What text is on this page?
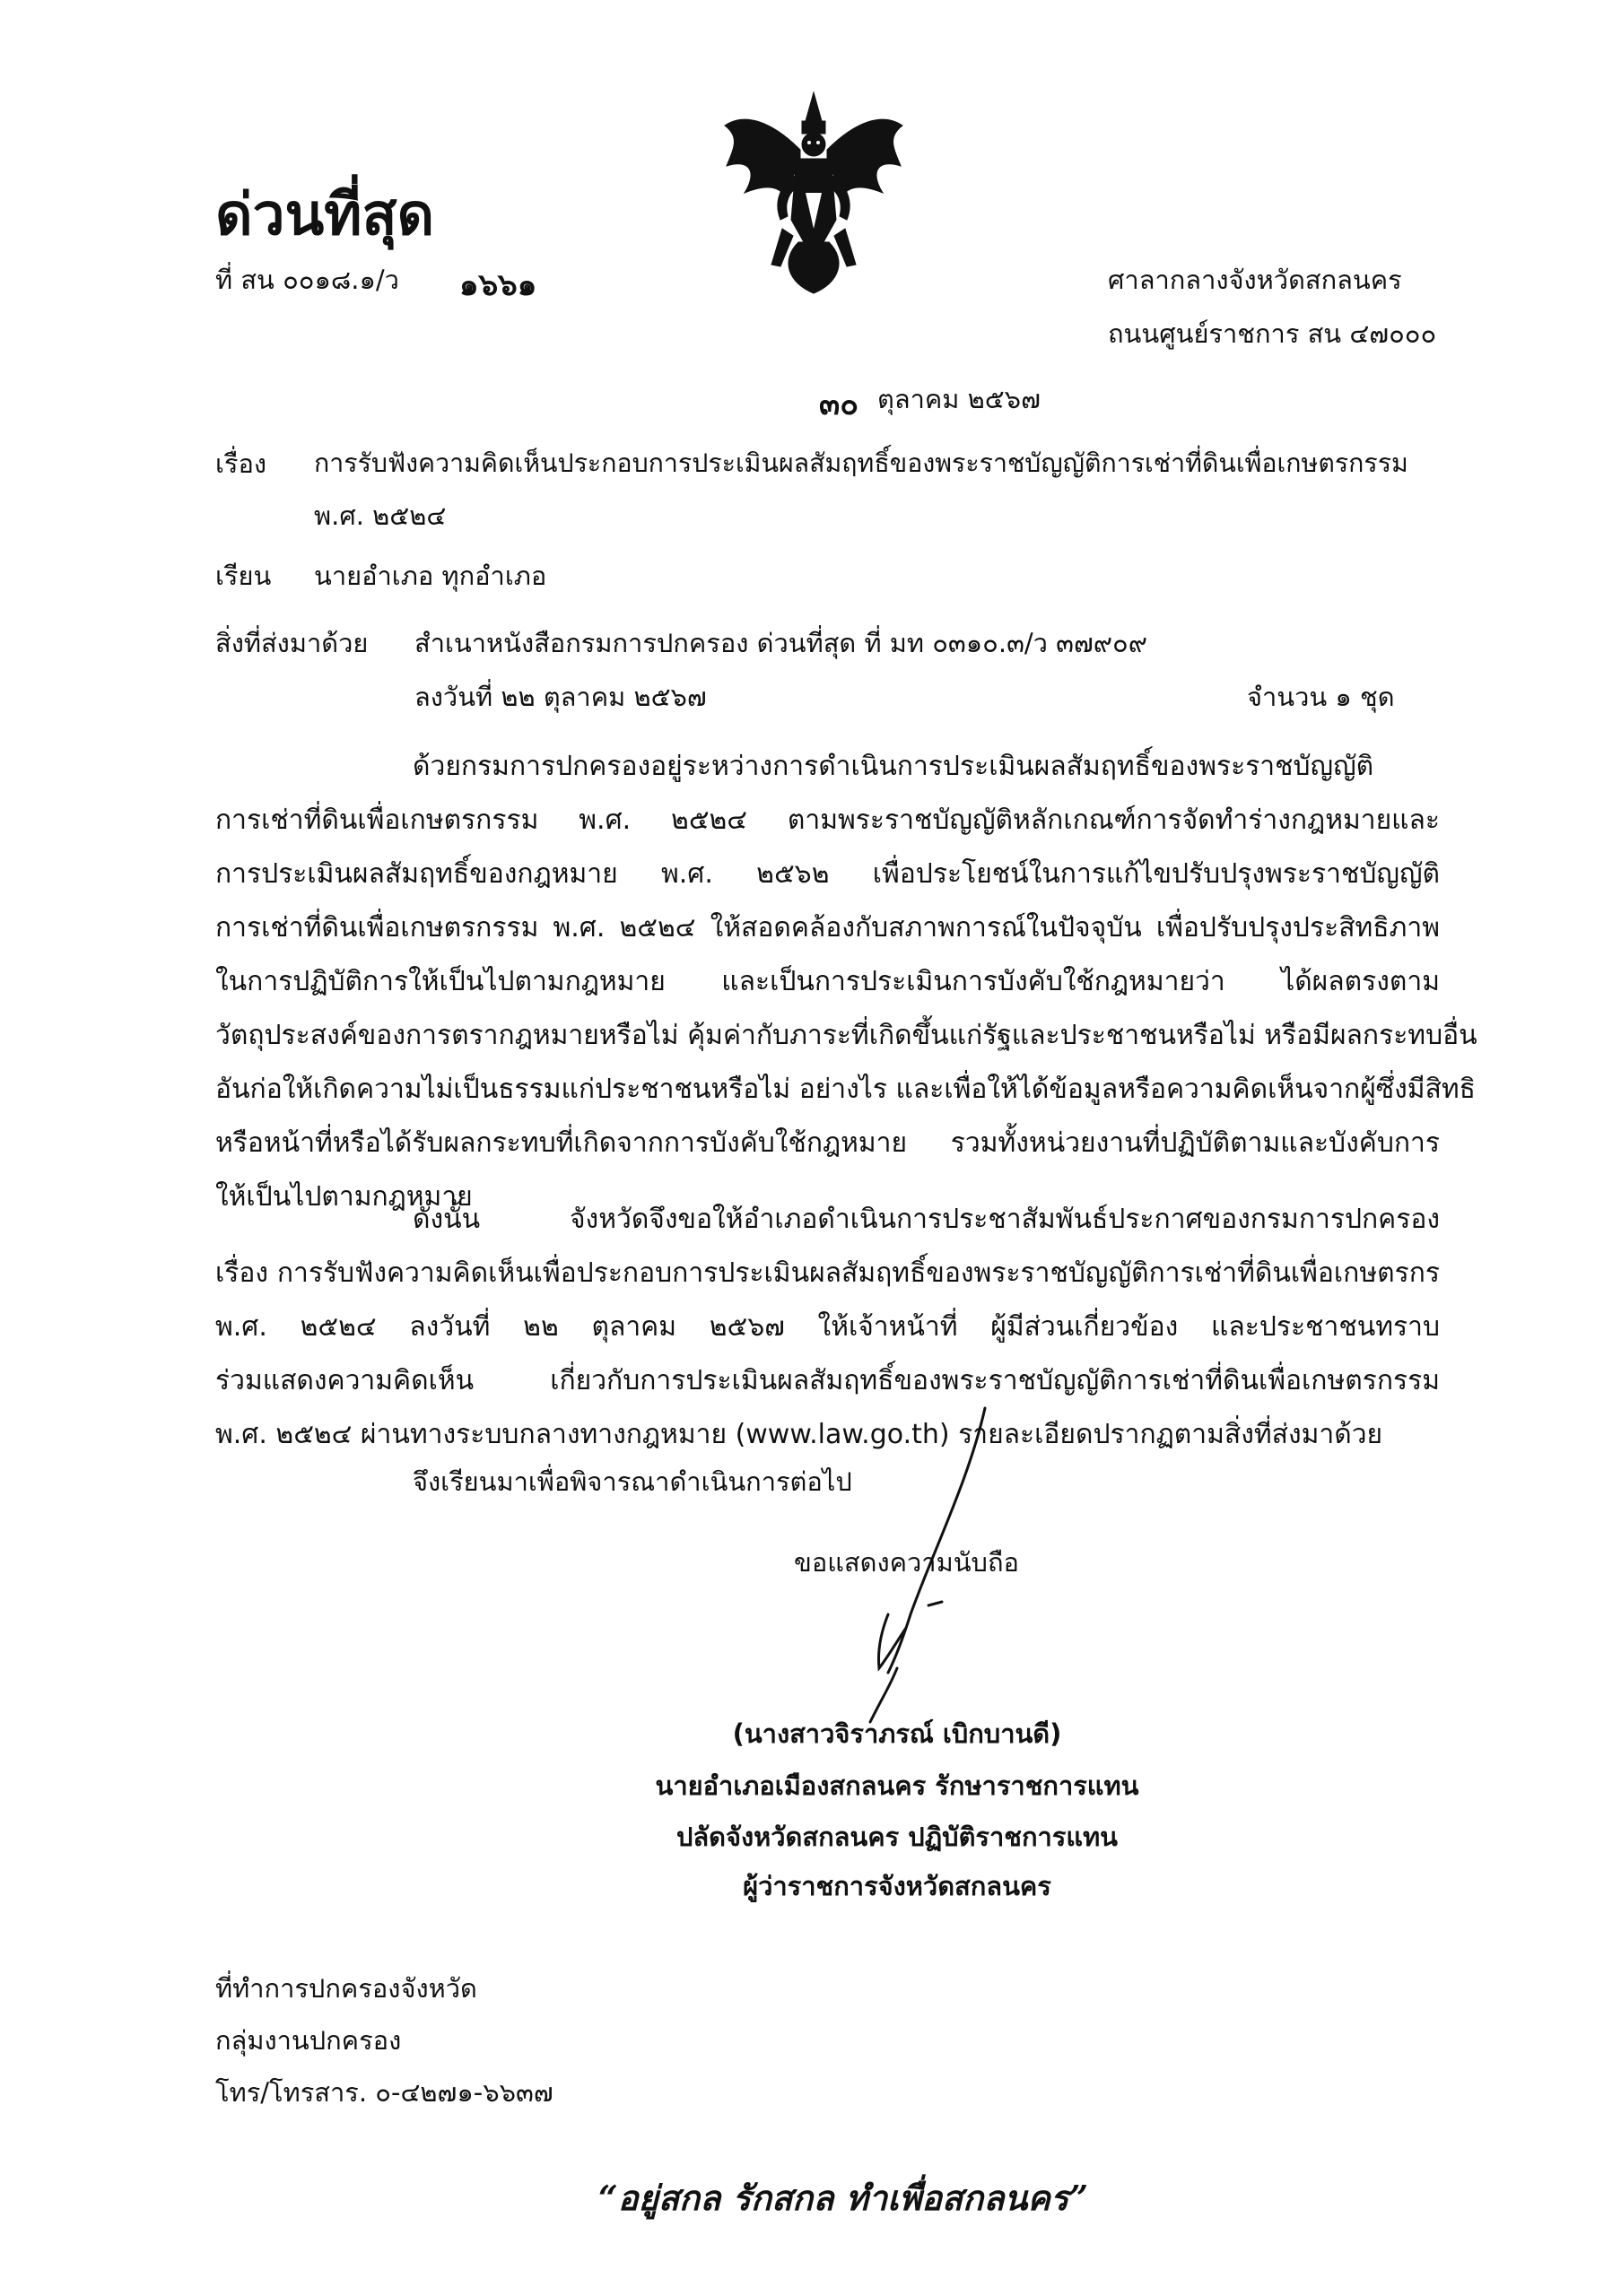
ด่วนที่สุด
ที่ สน ๐๐๑๘.๑/ว ๑๖๖๑	ศาลากลางจังหวัดสกลนคร
ถนนศูนย์ราชการ สน ๔๗๐๐๐
๓๐ ตุลาคม ๒๕๖๗
เรื่อง การรับฟังความคิดเห็นประกอบการประเมินผลสัมฤทธิ์ของพระราชบัญญัติการเช่าที่ดินเพื่อเกษตรกรรม
พ.ศ. ๒๕๒๔
เรียน นายอำเภอ ทุกอำเภอ
สิ่งที่ส่งมาด้วย สำเนาหนังสือกรมการปกครอง ด่วนที่สุด ที่ มท ๐๓๑๐.๓/ว ๓๗๙๐๙
ลงวันที่ ๒๒ ตุลาคม ๒๕๖๗	จำนวน ๑ ชุด
ด้วยกรมการปกครองอยู่ระหว่างการดำเนินการประเมินผลสัมฤทธิ์ของพระราชบัญญัติ
การเช่าที่ดินเพื่อเกษตรกรรม พ.ศ. ๒๕๒๔ ตามพระราชบัญญัติหลักเกณฑ์การจัดทำร่างกฎหมายและ
การประเมินผลสัมฤทธิ์ของกฎหมาย พ.ศ. ๒๕๖๒ เพื่อประโยชน์ในการแก้ไขปรับปรุงพระราชบัญญัติ
การเช่าที่ดินเพื่อเกษตรกรรม พ.ศ. ๒๕๒๔ ให้สอดคล้องกับสภาพการณ์ในปัจจุบัน เพื่อปรับปรุงประสิทธิภาพ
ในการปฏิบัติการให้เป็นไปตามกฎหมาย และเป็นการประเมินการบังคับใช้กฎหมายว่า ได้ผลตรงตาม
วัตถุประสงค์ของการตรากฎหมายหรือไม่ คุ้มค่ากับภาระที่เกิดขึ้นแก่รัฐและประชาชนหรือไม่ หรือมีผลกระทบอื่น
อันก่อให้เกิดความไม่เป็นธรรมแก่ประชาชนหรือไม่ อย่างไร และเพื่อให้ได้ข้อมูลหรือความคิดเห็นจากผู้ซึ่งมีสิทธิ
หรือหน้าที่หรือได้รับผลกระทบที่เกิดจากการบังคับใช้กฎหมาย รวมทั้งหน่วยงานที่ปฏิบัติตามและบังคับการ
ให้เป็นไปตามกฎหมาย
ดังนั้น จังหวัดจึงขอให้อำเภอดำเนินการประชาสัมพันธ์ประกาศของกรมการปกครอง
เรื่อง การรับฟังความคิดเห็นเพื่อประกอบการประเมินผลสัมฤทธิ์ของพระราชบัญญัติการเช่าที่ดินเพื่อเกษตรกร
พ.ศ. ๒๕๒๔ ลงวันที่ ๒๒ ตุลาคม ๒๕๖๗ ให้เจ้าหน้าที่ ผู้มีส่วนเกี่ยวข้อง และประชาชนทราบ
ร่วมแสดงความคิดเห็น เกี่ยวกับการประเมินผลสัมฤทธิ์ของพระราชบัญญัติการเช่าที่ดินเพื่อเกษตรกรรม
พ.ศ. ๒๕๒๔ ผ่านทางระบบกลางทางกฎหมาย (www.law.go.th) รายละเอียดปรากฏตามสิ่งที่ส่งมาด้วย
จึงเรียนมาเพื่อพิจารณาดำเนินการต่อไป
ขอแสดงความนับถือ
(นางสาวจิราภรณ์ เบิกบานดี)
นายอำเภอเมืองสกลนคร รักษาราชการแทน
ปลัดจังหวัดสกลนคร ปฏิบัติราชการแทน
ผู้ว่าราชการจังหวัดสกลนคร
ที่ทำการปกครองจังหวัด
กลุ่มงานปกครอง
โทร/โทรสาร. ๐-๔๒๗๑-๖๖๓๗
“อยู่สกล รักสกล ทำเพื่อสกลนคร”
